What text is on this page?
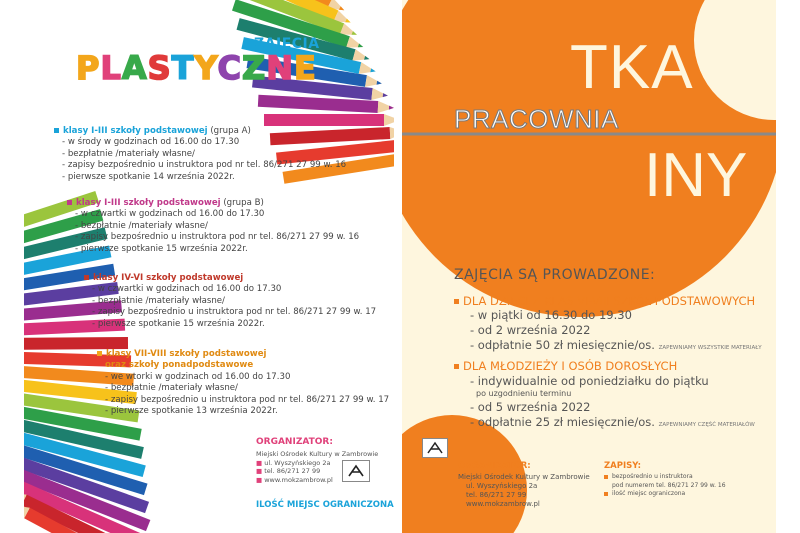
ZAJĘCIA
PLASTYCZNE
klasy I-III szkoły podstawowej (grupa A)
- w środy w godzinach od 16.00 do 17.30
- bezpłatnie /materiały własne/
- zapisy bezpośrednio u instruktora pod nr tel. 86/271 27 99 w. 16
- pierwsze spotkanie 14 września 2022r.
klasy I-III szkoły podstawowej (grupa B)
- w czwartki w godzinach od 16.00 do 17.30
- bezpłatnie /materiały własne/
- zapisy bezpośrednio u instruktora pod nr tel. 86/271 27 99 w. 16
- pierwsze spotkanie 15 września 2022r.
klasy IV-VI szkoły podstawowej
- w czwartki w godzinach od 16.00 do 17.30
- bezpłatnie /materiały własne/
- zapisy bezpośrednio u instruktora pod nr tel. 86/271 27 99 w. 17
- pierwsze spotkanie 15 września 2022r.
klasy VII-VIII szkoły podstawowej
oraz szkoły ponadpodstawowe
- we wtorki w godzinach od 16.00 do 17.30
- bezpłatnie /materiały własne/
- zapisy bezpośrednio u instruktora pod nr tel. 86/271 27 99 w. 17
- pierwsze spotkanie 13 września 2022r.
ORGANIZATOR:
Miejski Ośrodek Kultury w Zambrowie
■ ul. Wyszyńskiego 2a
■ tel. 86/271 27 99
■ www.mokzambrow.pl
ILOŚĆ MIEJSC OGRANICZONA
TKA
PRACOWNIA
INY
ZAJĘCIA SĄ PROWADZONE:
DLA DZIECI Z KLAS VI-VIII SZKÓŁ PODSTAWOWYCH
- w piątki od 16.30 do 19.30
- od 2 września 2022
- odpłatnie 50 zł miesięcznie/os. ZAPEWNIAMY WSZYSTKIE MATERIAŁY
DLA MŁODZIEŻY I OSÓB DOROSŁYCH
- indywidualnie od poniedziałku do piątku
po uzgodnieniu terminu
- od 5 września 2022
- odpłatnie 25 zł miesięcznie/os. ZAPEWNIAMY CZĘŚĆ MATERIAŁÓW
ORGANIZATOR:
Miejski Ośrodek Kultury w Zambrowie
ul. Wyszyńskiego 2a
tel. 86/271 27 99
www.mokzambrow.pl
ZAPISY:
bezpośrednio u instruktora
pod numerem tel. 86/271 27 99 w. 16
ilość miejsc ograniczona
